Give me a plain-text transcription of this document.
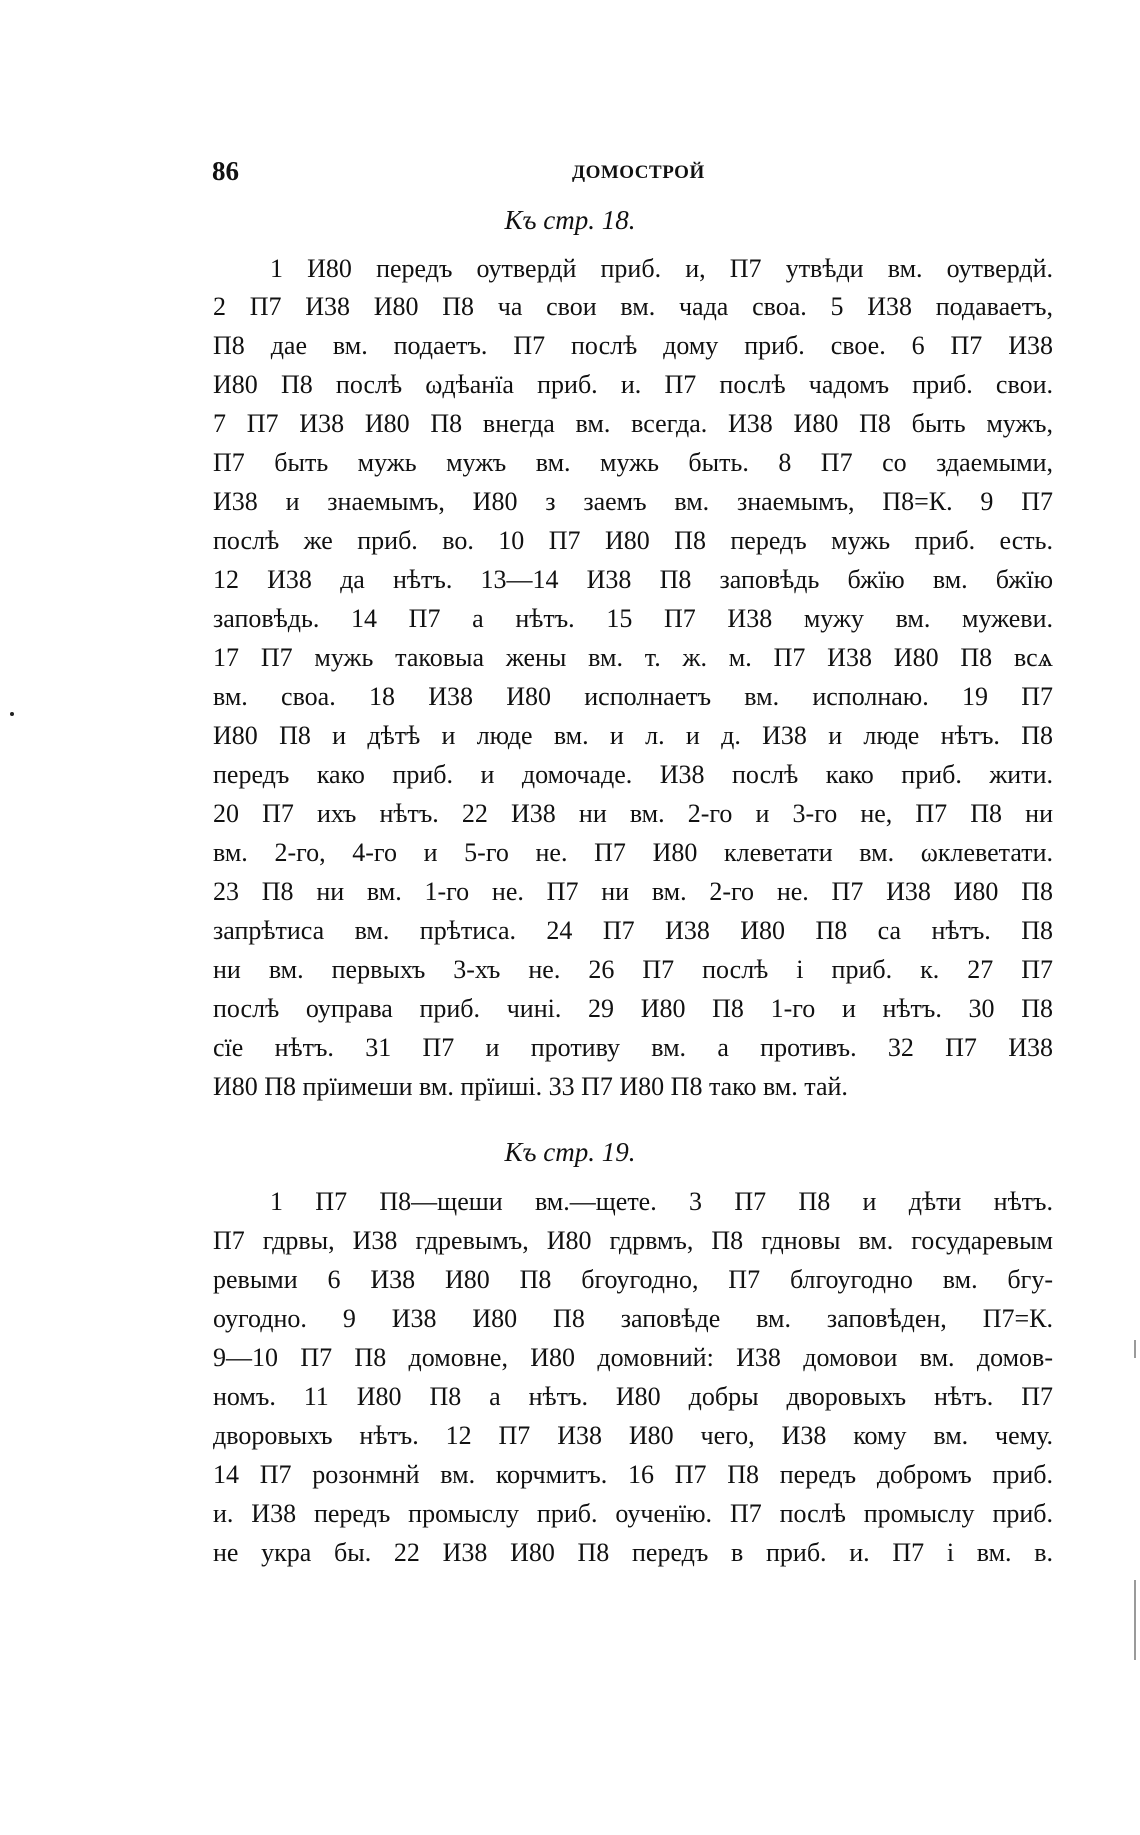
86	ДОМОСТРОЙ
Къ стр. 18.
1 И80 передъ оутвердй приб. и, П7 утвѣди вм. оутвердй.
2 П7 И38 И80 П8 ча свои вм. чада своа. 5 И38 подаваетъ,
П8 дае вм. подаетъ. П7 послѣ дому приб. свое. 6 П7 И38
И80 П8 послѣ ωдѣанїа приб. и. П7 послѣ чадомъ приб. свои.
7 П7 И38 И80 П8 внегда вм. всегда. И38 И80 П8 быть мужъ,
П7 быть мужь мужъ вм. мужь быть. 8 П7 со здаемыми,
И38 и знаемымъ, И80 з заемъ вм. знаемымъ, П8=К. 9 П7
послѣ же приб. во. 10 П7 И80 П8 передъ мужь приб. есть.
12 И38 да нѣтъ. 13—14 И38 П8 заповѣдь бжїю вм. бжїю
заповѣдь. 14 П7 а нѣтъ. 15 П7 И38 мужу вм. мужеви.
17 П7 мужь таковыа жены вм. т. ж. м. П7 И38 И80 П8 всѧ
вм. своа. 18 И38 И80 исполнаетъ вм. исполнаю. 19 П7
И80 П8 и дѣтѣ и люде вм. и л. и д. И38 и люде нѣтъ. П8
передъ како приб. и домочаде. И38 послѣ како приб. жити.
20 П7 ихъ нѣтъ. 22 И38 ни вм. 2-го и 3-го не, П7 П8 ни
вм. 2-го, 4-го и 5-го не. П7 И80 клеветати вм. ωклеветати.
23 П8 ни вм. 1-го не. П7 ни вм. 2-го не. П7 И38 И80 П8
запрѣтиса вм. прѣтиса. 24 П7 И38 И80 П8 са нѣтъ. П8
ни вм. первыхъ 3-хъ не. 26 П7 послѣ і приб. к. 27 П7
послѣ оуправа приб. чині. 29 И80 П8 1-го и нѣтъ. 30 П8
сїе нѣтъ. 31 П7 и противу вм. а противъ. 32 П7 И38
И80 П8 прїимеши вм. прїиші. 33 П7 И80 П8 тако вм. тай.
Къ стр. 19.
1 П7 П8—щеши вм.—щете. 3 П7 П8 и дѣти нѣтъ.
П7 гдрвы, И38 гдревымъ, И80 гдрвмъ, П8 гдновы вм. государевым
ревыми 6 И38 И80 П8 бгоугодно, П7 блгоугодно вм. бгу-
оугодно. 9 И38 И80 П8 заповѣде вм. заповѣден, П7=К.
9—10 П7 П8 домовне, И80 домовний: И38 домовои вм. домов-
номъ. 11 И80 П8 а нѣтъ. И80 добры дворовыхъ нѣтъ. П7
дворовыхъ нѣтъ. 12 П7 И38 И80 чего, И38 кому вм. чему.
14 П7 розонмнй вм. корчмитъ. 16 П7 П8 передъ добромъ приб.
и. И38 передъ промыслу приб. оученїю. П7 послѣ промыслу приб.
не укра бы. 22 И38 И80 П8 передъ в приб. и. П7 і вм. в.
